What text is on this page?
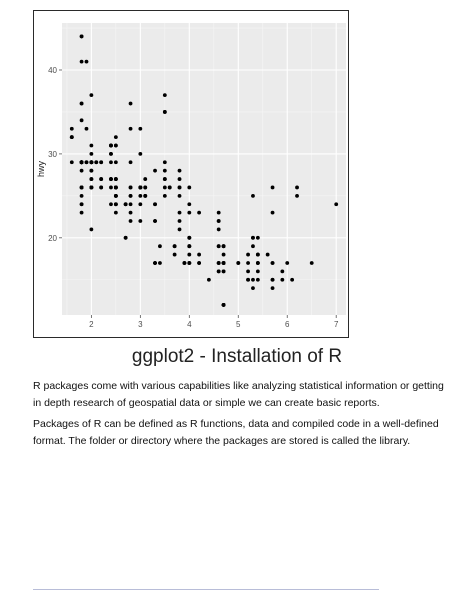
2	3	4	5	6	7
20
30
40
hwy
ggplot2 - Installation of R

R packages come with various capabilities like analyzing statistical information or getting in depth research of geospatial data or simple we can create basic reports.

Packages of R can be defined as R functions, data and compiled code in a well-defined format. The folder or directory where the packages are stored is called the library.
